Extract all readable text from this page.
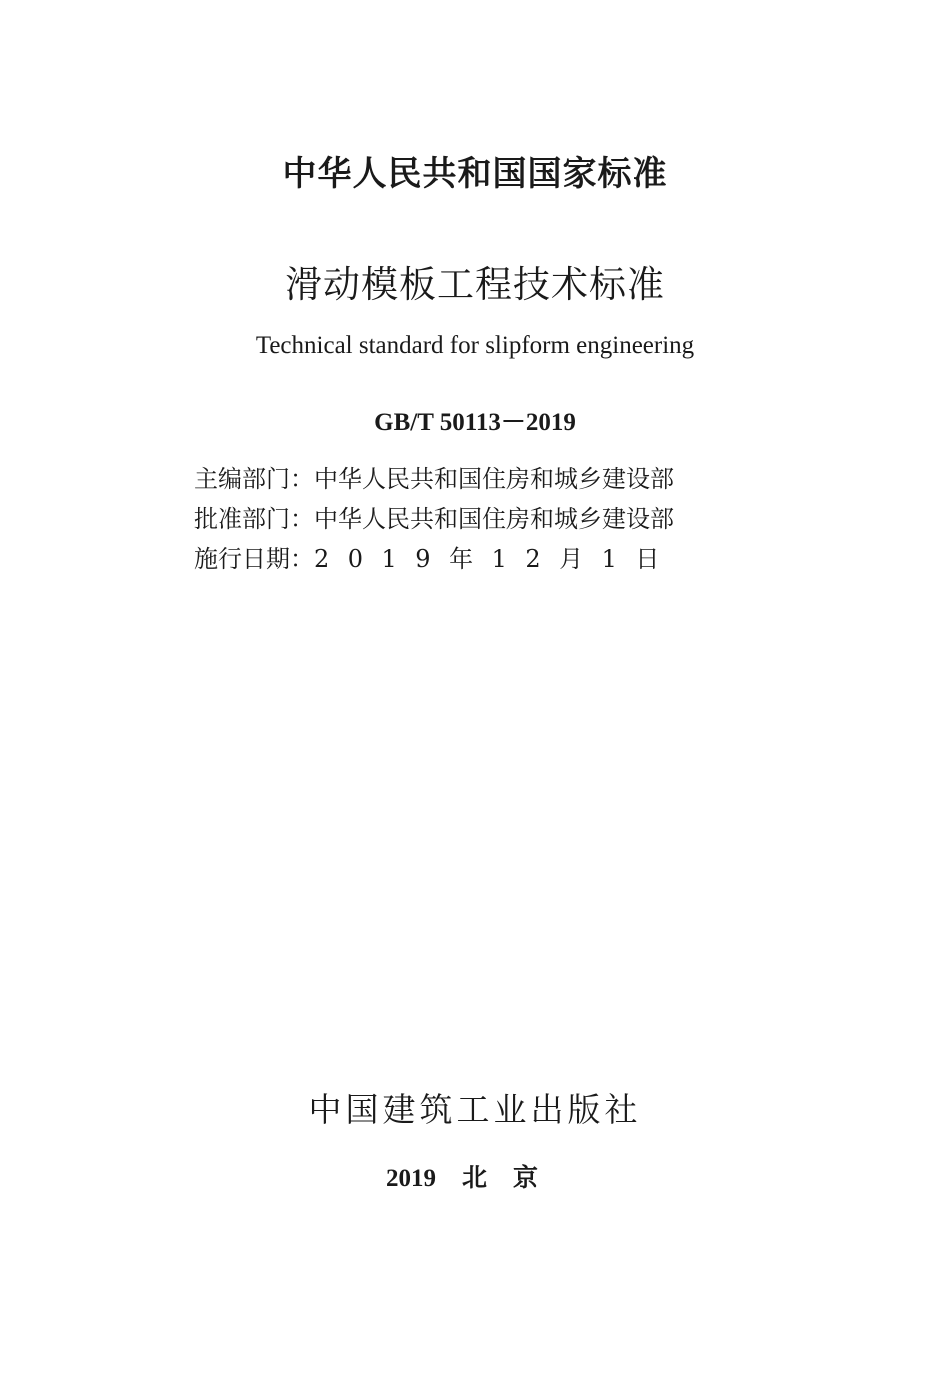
中华人民共和国国家标准
滑动模板工程技术标准
Technical standard for slipform engineering
GB/T 50113－2019
主编部门：中华人民共和国住房和城乡建设部
批准部门：中华人民共和国住房和城乡建设部
施行日期：2019年12月1日
中国建筑工业出版社
2019 北京
